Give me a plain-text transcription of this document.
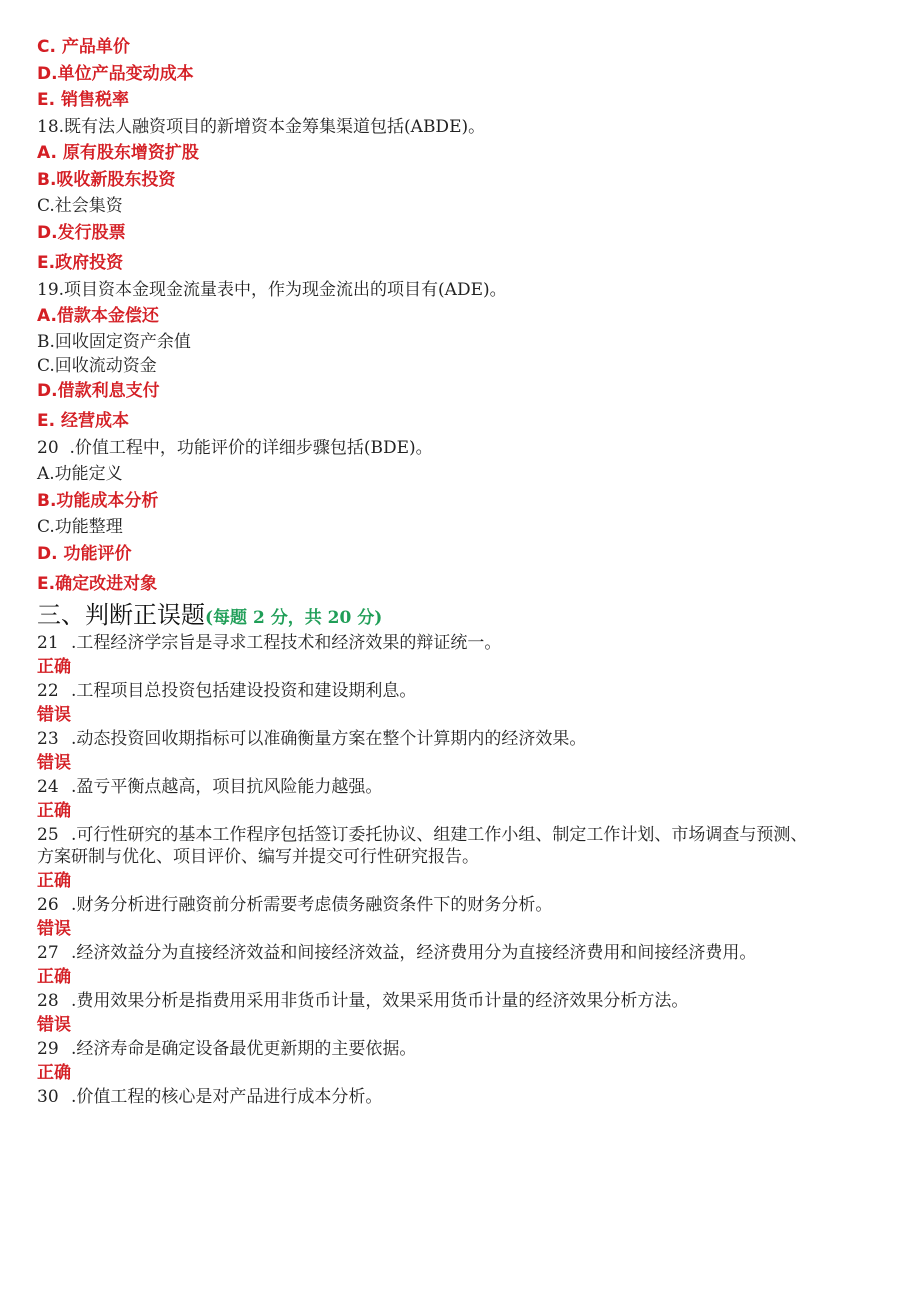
C. 产品单价
D.单位产品变动成本
E. 销售税率
18.既有法人融资项目的新增资本金筹集渠道包括(ABDE)。
A. 原有股东增资扩股
B.吸收新股东投资
C.社会集资
D.发行股票
E.政府投资
19.项目资本金现金流量表中，作为现金流出的项目有(ADE)。
A.借款本金偿还
B.回收固定资产余值
C.回收流动资金
D.借款利息支付
E. 经营成本
20  .价值工程中，功能评价的详细步骤包括(BDE)。
A.功能定义
B.功能成本分析
C.功能整理
D. 功能评价
E.确定改进对象
三、判断正误题(每题 2 分，共 20 分)
21 .工程经济学宗旨是寻求工程技术和经济效果的辩证统一。
正确
22 .工程项目总投资包括建设投资和建设期利息。
错误
23 .动态投资回收期指标可以准确衡量方案在整个计算期内的经济效果。
错误
24 .盈亏平衡点越高，项目抗风险能力越强。
正确
25 .可行性研究的基本工作程序包括签订委托协议、组建工作小组、制定工作计划、市场调查与预测、
方案研制与优化、项目评价、编写并提交可行性研究报告。
正确
26 .财务分析进行融资前分析需要考虑债务融资条件下的财务分析。
错误
27 .经济效益分为直接经济效益和间接经济效益，经济费用分为直接经济费用和间接经济费用。
正确
28 .费用效果分析是指费用采用非货币计量，效果采用货币计量的经济效果分析方法。
错误
29 .经济寿命是确定设备最优更新期的主要依据。
正确
30 .价值工程的核心是对产品进行成本分析。
